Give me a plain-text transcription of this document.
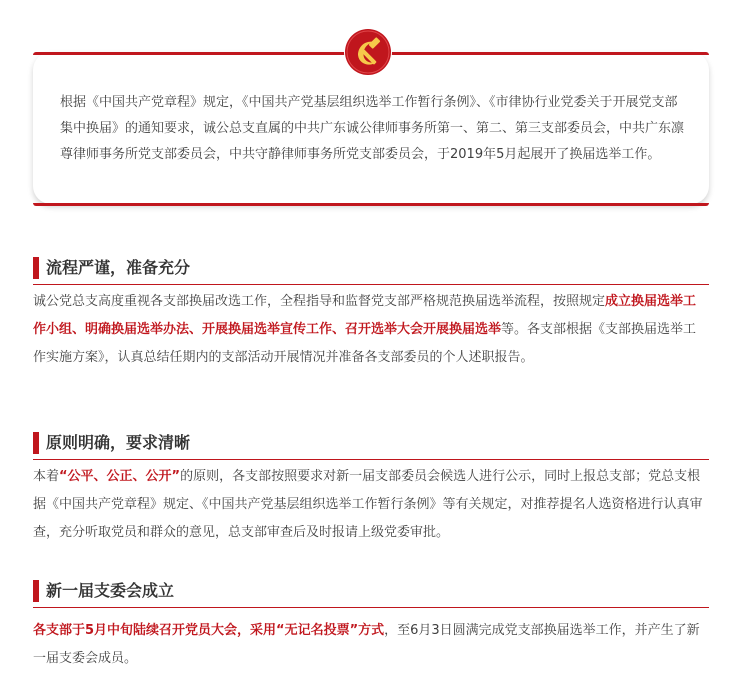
根据《中国共产党章程》规定，《中国共产党基层组织选举工作暂行条例》、《市律协行业党委关于开展党支部集中换届》的通知要求，诚公总支直属的中共广东诚公律师事务所第一、第二、第三支部委员会，中共广东凛尊律师事务所党支部委员会，中共守静律师事务所党支部委员会，于2019年5月起展开了换届选举工作。

流程严谨，准备充分

诚公党总支高度重视各支部换届改选工作，全程指导和监督党支部严格规范换届选举流程，按照规定成立换届选举工作小组、明确换届选举办法、开展换届选举宣传工作、召开选举大会开展换届选举等。各支部根据《支部换届选举工作实施方案》，认真总结任期内的支部活动开展情况并准备各支部委员的个人述职报告。

原则明确，要求清晰

本着“公平、公正、公开”的原则，各支部按照要求对新一届支部委员会候选人进行公示，同时上报总支部；党总支根据《中国共产党章程》规定、《中国共产党基层组织选举工作暂行条例》等有关规定，对推荐提名人选资格进行认真审查，充分听取党员和群众的意见，总支部审查后及时报请上级党委审批。

新一届支委会成立

各支部于5月中旬陆续召开党员大会，采用“无记名投票”方式，至6月3日圆满完成党支部换届选举工作，并产生了新一届支委会成员。
